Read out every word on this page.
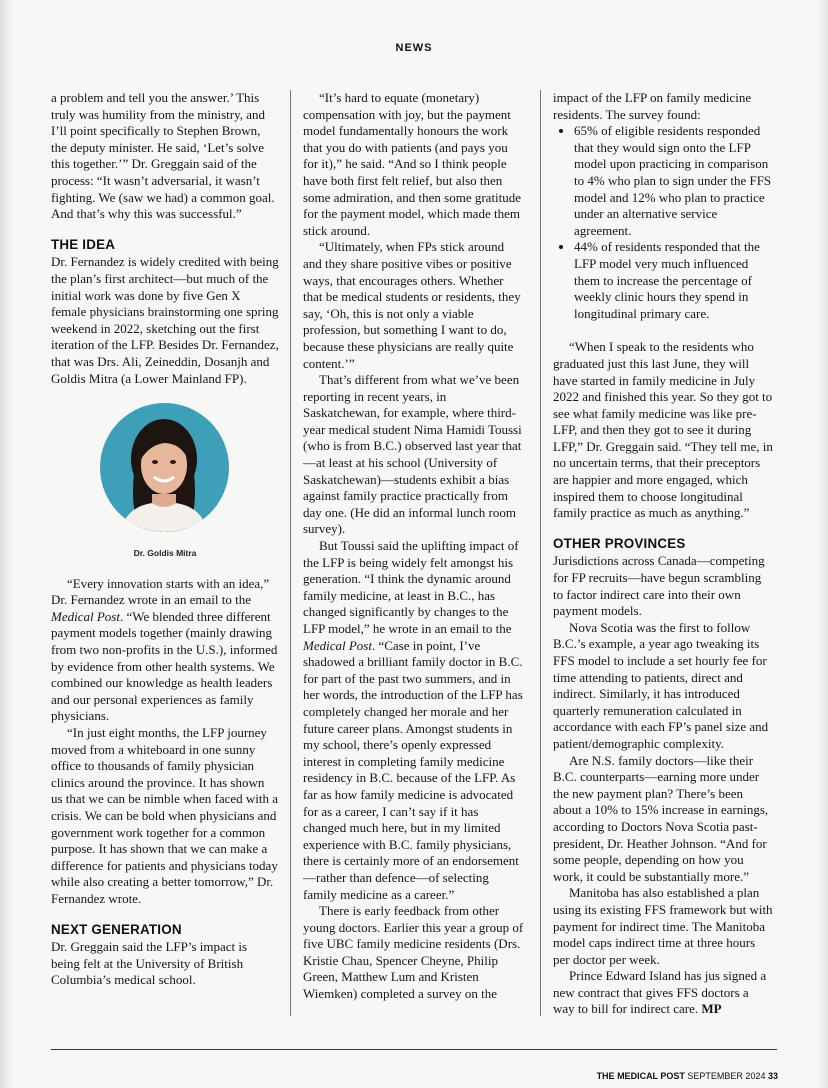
NEWS

a problem and tell you the answer.’ This truly was humility from the ministry, and I’ll point specifically to Stephen Brown, the deputy minister. He said, ‘Let’s solve this together.’” Dr. Greggain said of the process: “It wasn’t adversarial, it wasn’t fighting. We (saw we had) a common goal. And that’s why this was successful.”

THE IDEA

Dr. Fernandez is widely credited with being the plan’s first architect—but much of the initial work was done by five Gen X female physicians brainstorming one spring weekend in 2022, sketching out the first iteration of the LFP. Besides Dr. Fernandez, that was Drs. Ali, Zeineddin, Dosanjh and Goldis Mitra (a Lower Mainland FP).

Dr. Goldis Mitra

“Every innovation starts with an idea,” Dr. Fernandez wrote in an email to the Medical Post. “We blended three different payment models together (mainly drawing from two non-profits in the U.S.), informed by evidence from other health systems. We combined our knowledge as health leaders and our personal experiences as family physicians.

“In just eight months, the LFP journey moved from a whiteboard in one sunny office to thousands of family physician clinics around the province. It has shown us that we can be nimble when faced with a crisis. We can be bold when physicians and government work together for a common purpose. It has shown that we can make a difference for patients and physicians today while also creating a better tomorrow,” Dr. Fernandez wrote.

NEXT GENERATION

Dr. Greggain said the LFP’s impact is being felt at the University of British Columbia’s medical school.

“It’s hard to equate (monetary) compensation with joy, but the payment model fundamentally honours the work that you do with patients (and pays you for it),” he said. “And so I think people have both first felt relief, but also then some admiration, and then some gratitude for the payment model, which made them stick around.

“Ultimately, when FPs stick around and they share positive vibes or positive ways, that encourages others. Whether that be medical students or residents, they say, ‘Oh, this is not only a viable profession, but something I want to do, because these physicians are really quite content.’”

That’s different from what we’ve been reporting in recent years, in Saskatchewan, for example, where third-year medical student Nima Hamidi Toussi (who is from B.C.) observed last year that—at least at his school (University of Saskatchewan)—students exhibit a bias against family practice practically from day one. (He did an informal lunch room survey).

But Toussi said the uplifting impact of the LFP is being widely felt amongst his generation. “I think the dynamic around family medicine, at least in B.C., has changed significantly by changes to the LFP model,” he wrote in an email to the Medical Post. “Case in point, I’ve shadowed a brilliant family doctor in B.C. for part of the past two summers, and in her words, the introduction of the LFP has completely changed her morale and her future career plans. Amongst students in my school, there’s openly expressed interest in completing family medicine residency in B.C. because of the LFP. As far as how family medicine is advocated for as a career, I can’t say if it has changed much here, but in my limited experience with B.C. family physicians, there is certainly more of an endorsement—rather than defence—of selecting family medicine as a career.”

There is early feedback from other young doctors. Earlier this year a group of five UBC family medicine residents (Drs. Kristie Chau, Spencer Cheyne, Philip Green, Matthew Lum and Kristen Wiemken) completed a survey on the

impact of the LFP on family medicine residents. The survey found:

• 65% of eligible residents responded that they would sign onto the LFP model upon practicing in comparison to 4% who plan to sign under the FFS model and 12% who plan to practice under an alternative service agreement.
• 44% of residents responded that the LFP model very much influenced them to increase the percentage of weekly clinic hours they spend in longitudinal primary care.

“When I speak to the residents who graduated just this last June, they will have started in family medicine in July 2022 and finished this year. So they got to see what family medicine was like pre-LFP, and then they got to see it during LFP,” Dr. Greggain said. “They tell me, in no uncertain terms, that their preceptors are happier and more engaged, which inspired them to choose longitudinal family practice as much as anything.”

OTHER PROVINCES

Jurisdictions across Canada—competing for FP recruits—have begun scrambling to factor indirect care into their own payment models.

Nova Scotia was the first to follow B.C.’s example, a year ago tweaking its FFS model to include a set hourly fee for time attending to patients, direct and indirect. Similarly, it has introduced quarterly remuneration calculated in accordance with each FP’s panel size and patient/demographic complexity.

Are N.S. family doctors—like their B.C. counterparts—earning more under the new payment plan? There’s been about a 10% to 15% increase in earnings, according to Doctors Nova Scotia past-president, Dr. Heather Johnson. “And for some people, depending on how you work, it could be substantially more.”

Manitoba has also established a plan using its existing FFS framework but with payment for indirect time. The Manitoba model caps indirect time at three hours per doctor per week.

Prince Edward Island has jus signed a new contract that gives FFS doctors a way to bill for indirect care. MP

THE MEDICAL POST SEPTEMBER 2024 33
